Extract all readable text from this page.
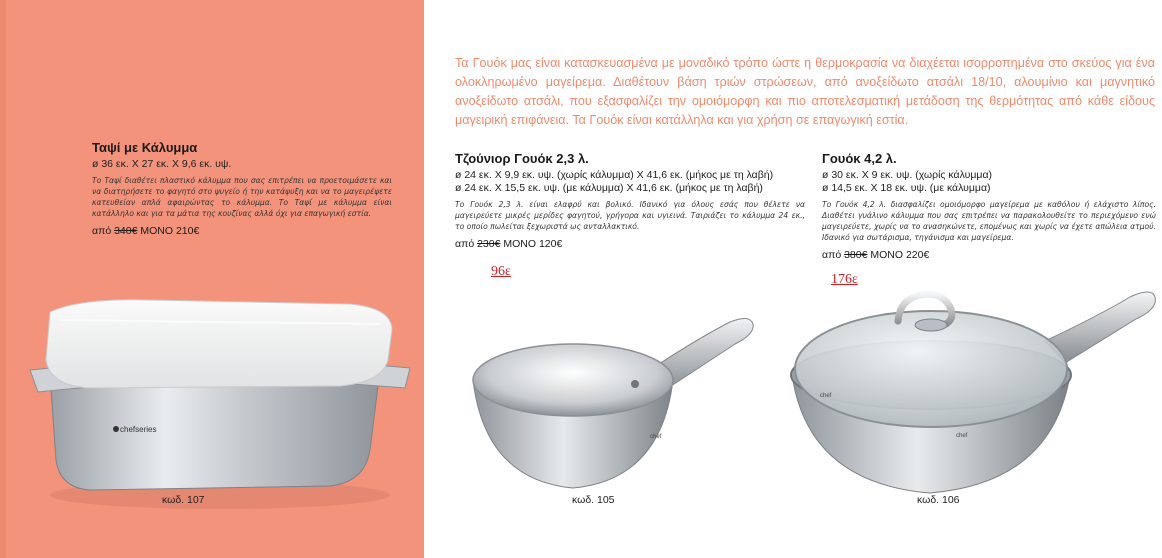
Τα Γουόκ μας είναι κατασκευασμένα με μοναδικό τρόπο ώστε η θερμοκρασία να διαχέεται ισορροπημένα στο σκεύος για ένα ολοκληρωμένο μαγείρεμα. Διαθέτουν βάση τριών στρώσεων, από ανοξείδωτο ατσάλι 18/10, αλουμίνιο και μαγνητικό ανοξείδωτο ατσάλι, που εξασφαλίζει την ομοιόμορφη και πιο αποτελεσματική μετάδοση της θερμότητας από κάθε είδους μαγειρική επιφάνεια. Τα Γουόκ είναι κατάλληλα και για χρήση σε επαγωγική εστία.
Ταψί με Κάλυμμα
ø 36 εκ. X 27 εκ. X 9,6 εκ. υψ.
Το Ταψί διαθέτει πλαστικό κάλυμμα που σας επιτρέπει να προετοιμάσετε και να διατηρήσετε το φαγητό στο ψυγείο ή την κατάψυξη και να το μαγειρέψετε κατευθείαν απλά αφαιρώντας το κάλυμμα. Το Ταψί με κάλυμμα είναι κατάλληλο και για τα μάτια της κουζίνας αλλά όχι για επαγωγική εστία.
από 340€ ΜΟΝΟ 210€
chefseries
κωδ. 107
Τζούνιορ Γουόκ 2,3 λ.
ø 24 εκ. X 9,9 εκ. υψ. (χωρίς κάλυμμα) X 41,6 εκ. (μήκος με τη λαβή)
ø 24 εκ. X 15,5 εκ. υψ. (με κάλυμμα) X 41,6 εκ. (μήκος με τη λαβή)
Το Γουόκ 2,3 λ. είναι ελαφρύ και βολικό. Ιδανικό για όλους εσάς που θέλετε να μαγειρεύετε μικρές μερίδες φαγητού, γρήγορα και υγιεινά. Ταιριάζει το κάλυμμα 24 εκ., το οποίο πωλείται ξεχωριστά ως ανταλλακτικό.
από 230€ ΜΟΝΟ 120€
96ε
chef
κωδ. 105
Γουόκ 4,2 λ.
ø 30 εκ. X 9 εκ. υψ. (χωρίς κάλυμμα)
ø 14,5 εκ. X 18 εκ. υψ. (με κάλυμμα)
Το Γουόκ 4,2 λ. διασφαλίζει ομοιόμορφο μαγείρεμα με καθόλου ή ελάχιστο λίπος. Διαθέτει γυάλινο κάλυμμα που σας επιτρέπει να παρακολουθείτε το περιεχόμενο ενώ μαγειρεύετε, χωρίς να το ανασηκώνετε, επομένως και χωρίς να έχετε απώλεια ατμού. Ιδανικό για σωτάρισμα, τηγάνισμα και μαγείρεμα.
από 380€ ΜΟΝΟ 220€
176ε
chef
chef
κωδ. 106
